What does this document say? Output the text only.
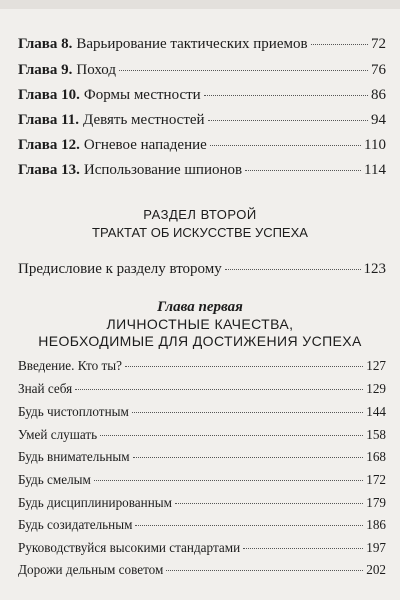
Глава 8. Варьирование тактических приемов	72
Глава 9. Поход	76
Глава 10. Формы местности	86
Глава 11. Девять местностей	94
Глава 12. Огневое нападение	110
Глава 13. Использование шпионов	114
РАЗДЕЛ ВТОРОЙ
ТРАКТАТ ОБ ИСКУССТВЕ УСПЕХА
Предисловие к разделу второму	123
Глава первая
ЛИЧНОСТНЫЕ КАЧЕСТВА,
НЕОБХОДИМЫЕ ДЛЯ ДОСТИЖЕНИЯ УСПЕХА
Введение. Кто ты?	127
Знай себя	129
Будь чистоплотным	144
Умей слушать	158
Будь внимательным	168
Будь смелым	172
Будь дисциплинированным	179
Будь созидательным	186
Руководствуйся высокими стандартами	197
Дорожи дельным советом	202
